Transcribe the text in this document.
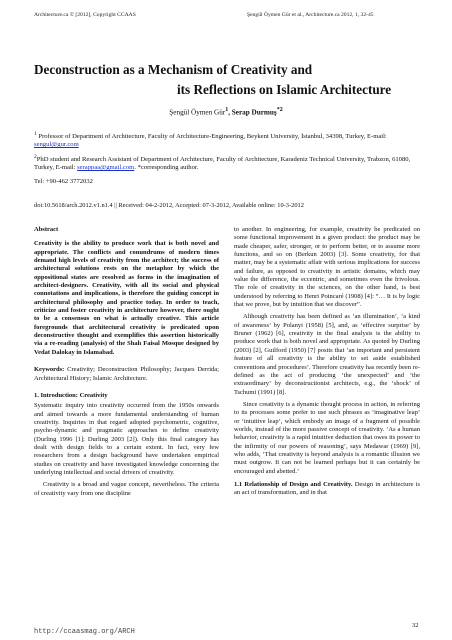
Architecture.ca © [2012], Copyright CCAAS	Şengül Öymen Gür et al., Architecture.ca 2012, 1, 32-45
Deconstruction as a Mechanism of Creativity and
its Reflections on Islamic Architecture
Şengül Öymen Gür$^1$, Serap Durmuş$^{*2}$
$^1$ Professor of Department of Architecture, Faculty of Architecture-Engineering, Beykent University, İstanbul, 34398, Turkey, E-mail: sengul@gur.com
$^2$PhD student and Research Assistant of Department of Architecture, Faculty of Architecture, Karadeniz Technical University, Trabzon, 61080, Turkey, E-mail: serappaa@gmail.com. *corresponding author.
Tel: +90-462 3772032
doi:10.5618/arch.2012.v1.n1.4 || Received: 04-2-2012, Accepted: 07-3-2012, Available online: 10-3-2012

Abstract

Creativity is the ability to produce work that is both novel and appropriate. The conflicts and conundrums of modern times demand high levels of creativity from the architect; the success of architectural solutions rests on the metaphor by which the oppositional states are resolved as forms in the imagination of architect-designers. Creativity, with all its social and physical connotations and implications, is therefore the guiding concept in architectural philosophy and practice today. In order to teach, criticize and foster creativity in architecture however, there ought to be a consensus on what is actually creative. This article foregrounds that architectural creativity is predicated upon deconstructive thought and exemplifies this assertion historically via a re-reading (analysis) of the Shah Faisal Mosque designed by Vedat Dalokay in Islamabad.

Keywords: Creativity; Deconstruction Philosophy; Jacques Derrida; Architectural History; Islamic Architecture.

1. Introduction: Creativity

Systematic inquiry into creativity occurred from the 1950s onwards and aimed towards a more fundamental understanding of human creativity. Inquiries in that regard adopted psychometric, cognitive, psycho-dynamic and pragmatic approaches to define creativity (Durling 1996 [1]; Durling 2003 [2]). Only this final category has dealt with design fields to a certain extent. In fact, very few researchers from a design background have undertaken empirical studies on creativity and have investigated knowledge concerning the underlying intellectual and social drivers of creativity.

Creativity is a broad and vague concept, nevertheless. The criteria of creativity vary from one discipline

to another. In engineering, for example, creativity be predicated on some functional improvement in a given product: the product may be made cheaper, safer, stronger, or to perform better, or to assume more functions, and so on (Berkun 2003) [3]. Some creativity, for that matter, may be a systematic affair with serious implications for success and failure, as opposed to creativity in artistic domains, which may value the difference, the eccentric, and sometimes even the frivolous. The role of creativity in the sciences, on the other hand, is best understood by referring to Henri Poincaré (1908) [4]: “… It is by logic that we prove, but by intuition that we discover”.

Although creativity has been defined as ‘an illumination’, ‘a kind of awareness’ by Polanyi (1958) [5], and, as ‘effective surprise’ by Bruner (1962) [6], creativity in the final analysis is the ability to produce work that is both novel and appropriate. As quoted by Durling (2003) [2], Guilford (1950) [7] posits that ‘an important and persistent feature of all creativity is the ability to set aside established conventions and procedures’. Therefore creativity has recently been re-defined as the act of producing ‘the unexpected’ and ‘the extraordinary’ by deconstructionist architects, e.g., the ‘shock’ of Tschumi (1991) [8].

Since creativity is a dynamic thought process in action, in referring to its processes some prefer to use such phrases as ‘imaginative leap’ or ‘intuitive leap’, which embody an image of a fragment of possible worlds, instead of the more passive concept of creativity. ‘As a human behavior, creativity is a rapid intuitive deduction that owes its power to the infirmity of our powers of reasoning’, says Medawar (1969) [9], who adds, ‘That creativity is beyond analysis is a romantic illusion we must outgrow. It can not be learned perhaps but it can certainly be encouraged and abetted.’

1.1 Relationship of Design and Creativity. Design in architecture is an act of transformation, and in that

http://ccaasmag.org/ARCH
32
